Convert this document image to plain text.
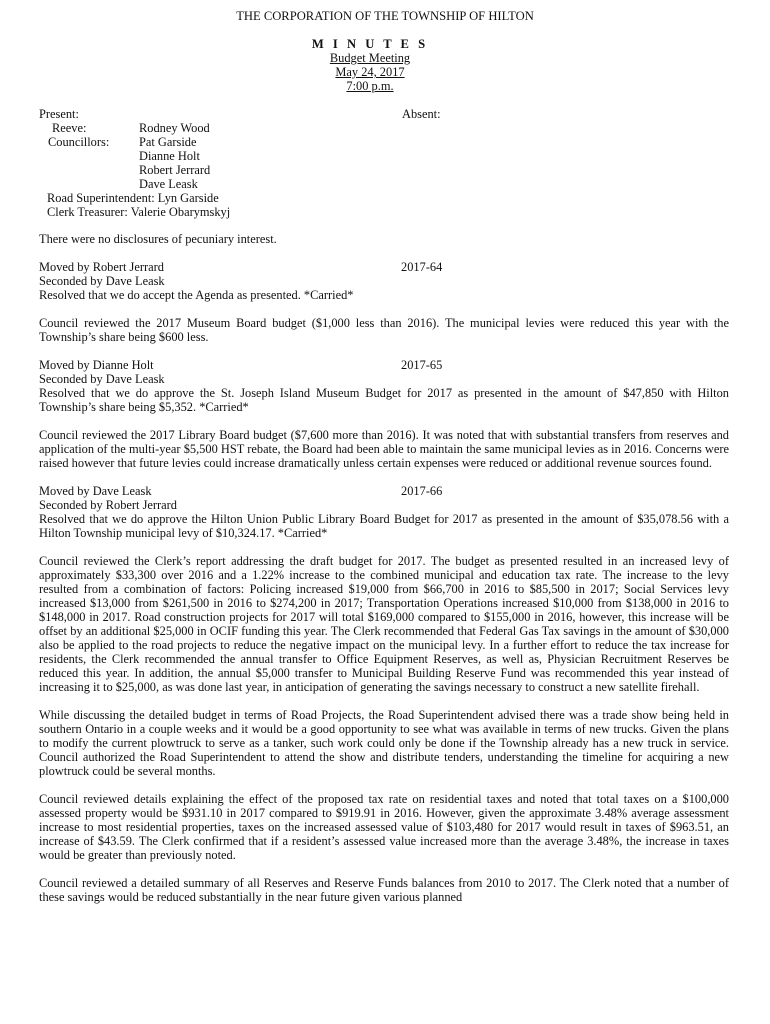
THE CORPORATION OF THE TOWNSHIP OF HILTON
M I N U T E S
Budget Meeting
May 24, 2017
7:00 p.m.
Present:	Absent:
Reeve:	Rodney Wood
Councillors: Pat Garside
Dianne Holt
Robert Jerrard
Dave Leask
Road Superintendent: Lyn Garside
Clerk Treasurer: Valerie Obarymskyj

There were no disclosures of pecuniary interest.

Moved by Robert Jerrard	2017-64
Seconded by Dave Leask
Resolved that we do accept the Agenda as presented. *Carried*

Council reviewed the 2017 Museum Board budget ($1,000 less than 2016). The municipal levies were reduced this year with the Township’s share being $600 less.

Moved by Dianne Holt	2017-65
Seconded by Dave Leask
Resolved that we do approve the St. Joseph Island Museum Budget for 2017 as presented in the amount of $47,850 with Hilton Township’s share being $5,352. *Carried*

Council reviewed the 2017 Library Board budget ($7,600 more than 2016). It was noted that with substantial transfers from reserves and application of the multi-year $5,500 HST rebate, the Board had been able to maintain the same municipal levies as in 2016. Concerns were raised however that future levies could increase dramatically unless certain expenses were reduced or additional revenue sources found.

Moved by Dave Leask	2017-66
Seconded by Robert Jerrard
Resolved that we do approve the Hilton Union Public Library Board Budget for 2017 as presented in the amount of $35,078.56 with a Hilton Township municipal levy of $10,324.17. *Carried*

Council reviewed the Clerk’s report addressing the draft budget for 2017. The budget as presented resulted in an increased levy of approximately $33,300 over 2016 and a 1.22% increase to the combined municipal and education tax rate. The increase to the levy resulted from a combination of factors: Policing increased $19,000 from $66,700 in 2016 to $85,500 in 2017; Social Services levy increased $13,000 from $261,500 in 2016 to $274,200 in 2017; Transportation Operations increased $10,000 from $138,000 in 2016 to $148,000 in 2017. Road construction projects for 2017 will total $169,000 compared to $155,000 in 2016, however, this increase will be offset by an additional $25,000 in OCIF funding this year. The Clerk recommended that Federal Gas Tax savings in the amount of $30,000 also be applied to the road projects to reduce the negative impact on the municipal levy. In a further effort to reduce the tax increase for residents, the Clerk recommended the annual transfer to Office Equipment Reserves, as well as, Physician Recruitment Reserves be reduced this year. In addition, the annual $5,000 transfer to Municipal Building Reserve Fund was recommended this year instead of increasing it to $25,000, as was done last year, in anticipation of generating the savings necessary to construct a new satellite firehall.

While discussing the detailed budget in terms of Road Projects, the Road Superintendent advised there was a trade show being held in southern Ontario in a couple weeks and it would be a good opportunity to see what was available in terms of new trucks. Given the plans to modify the current plowtruck to serve as a tanker, such work could only be done if the Township already has a new truck in service. Council authorized the Road Superintendent to attend the show and distribute tenders, understanding the timeline for acquiring a new plowtruck could be several months.

Council reviewed details explaining the effect of the proposed tax rate on residential taxes and noted that total taxes on a $100,000 assessed property would be $931.10 in 2017 compared to $919.91 in 2016. However, given the approximate 3.48% average assessment increase to most residential properties, taxes on the increased assessed value of $103,480 for 2017 would result in taxes of $963.51, an increase of $43.59. The Clerk confirmed that if a resident’s assessed value increased more than the average 3.48%, the increase in taxes would be greater than previously noted.

Council reviewed a detailed summary of all Reserves and Reserve Funds balances from 2010 to 2017. The Clerk noted that a number of these savings would be reduced substantially in the near future given various planned
